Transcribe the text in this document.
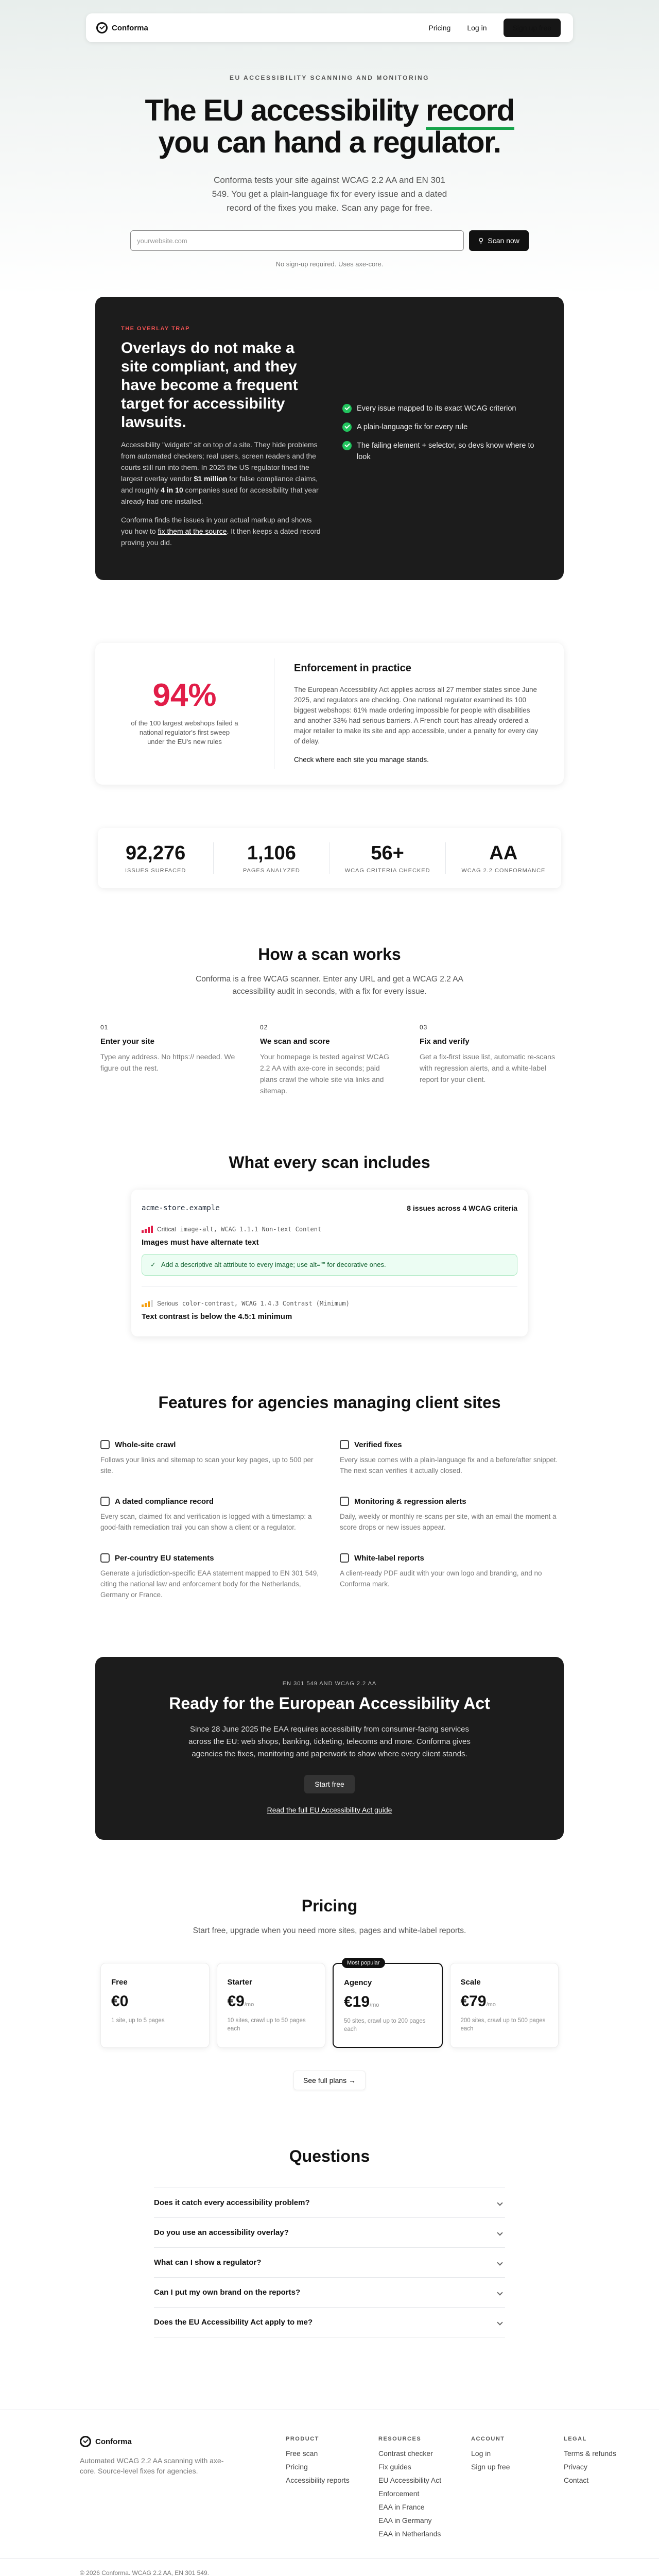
Conforma	Pricing Log in	Sign up free
EU ACCESSIBILITY SCANNING AND MONITORING
The EU accessibility record
you can hand a regulator.

Conforma tests your site against WCAG 2.2 AA and EN 301 549. You get a plain-language fix for every issue and a dated record of the fixes you make. Scan any page for free.

yourwebsite.com	⚲ Scan now
No sign-up required. Uses axe-core.
THE OVERLAY TRAP
Overlays do not make a site compliant, and they have become a frequent target for accessibility lawsuits.

Accessibility "widgets" sit on top of a site. They hide problems from automated checkers; real users, screen readers and the courts still run into them. In 2025 the US regulator fined the largest overlay vendor $1 million for false compliance claims, and roughly 4 in 10 companies sued for accessibility that year already had one installed.

Conforma finds the issues in your actual markup and shows you how to fix them at the source. It then keeps a dated record proving you did.

Every issue mapped to its exact WCAG criterion
A plain-language fix for every rule
The failing element + selector, so devs know where to look
94%

of the 100 largest webshops failed a national regulator's first sweep under the EU's new rules

Enforcement in practice

The European Accessibility Act applies across all 27 member states since June 2025, and regulators are checking. One national regulator examined its 100 biggest webshops: 61% made ordering impossible for people with disabilities and another 33% had serious barriers. A French court has already ordered a major retailer to make its site and app accessible, under a penalty for every day of delay.

Check where each site you manage stands.

92,276
ISSUES SURFACED
1,106
PAGES ANALYZED
56+
WCAG CRITERIA CHECKED
AA
WCAG 2.2 CONFORMANCE
How a scan works

Conforma is a free WCAG scanner. Enter any URL and get a WCAG 2.2 AA accessibility audit in seconds, with a fix for every issue.

01
Enter your site

Type any address. No https:// needed. We figure out the rest.

02
We scan and score

Your homepage is tested against WCAG 2.2 AA with axe-core in seconds; paid plans crawl the whole site via links and sitemap.

03
Fix and verify

Get a fix-first issue list, automatic re-scans with regression alerts, and a white-label report for your client.

What every scan includes
acme-store.example	8 issues across 4 WCAG criteria
Critical image-alt, WCAG 1.1.1 Non-text Content
Images must have alternate text
✓ Add a descriptive alt attribute to every image; use alt="" for decorative ones.
Serious color-contrast, WCAG 1.4.3 Contrast (Minimum)
Text contrast is below the 4.5:1 minimum
Features for agencies managing client sites
Whole-site crawl

Follows your links and sitemap to scan your key pages, up to 500 per site.

Verified fixes

Every issue comes with a plain-language fix and a before/after snippet. The next scan verifies it actually closed.

A dated compliance record

Every scan, claimed fix and verification is logged with a timestamp: a good-faith remediation trail you can show a client or a regulator.

Monitoring & regression alerts

Daily, weekly or monthly re-scans per site, with an email the moment a score drops or new issues appear.

Per-country EU statements

Generate a jurisdiction-specific EAA statement mapped to EN 301 549, citing the national law and enforcement body for the Netherlands, Germany or France.

White-label reports

A client-ready PDF audit with your own logo and branding, and no Conforma mark.

EN 301 549 AND WCAG 2.2 AA
Ready for the European Accessibility Act

Since 28 June 2025 the EAA requires accessibility from consumer-facing services across the EU: web shops, banking, ticketing, telecoms and more. Conforma gives agencies the fixes, monitoring and paperwork to show where every client stands.

Start free
Read the full EU Accessibility Act guide
Pricing

Start free, upgrade when you need more sites, pages and white-label reports.

Free
€0
1 site, up to 5 pages
Starter
€9/mo
10 sites, crawl up to 50 pages each
Most popular
Agency
€19/mo
50 sites, crawl up to 200 pages each
Scale
€79/mo
200 sites, crawl up to 500 pages each
See full plans →
Questions
Does it catch every accessibility problem?
Do you use an accessibility overlay?
What can I show a regulator?
Can I put my own brand on the reports?
Does the EU Accessibility Act apply to me?
Conforma

Automated WCAG 2.2 AA scanning with axe-core. Source-level fixes for agencies.

PRODUCT
Free scan
Pricing
Accessibility reports
RESOURCES
Contrast checker
Fix guides
EU Accessibility Act
Enforcement
EAA in France
EAA in Germany
EAA in Netherlands
ACCOUNT
Log in
Sign up free
LEGAL
Terms & refunds
Privacy
Contact
© 2026 Conforma. WCAG 2.2 AA, EN 301 549.
